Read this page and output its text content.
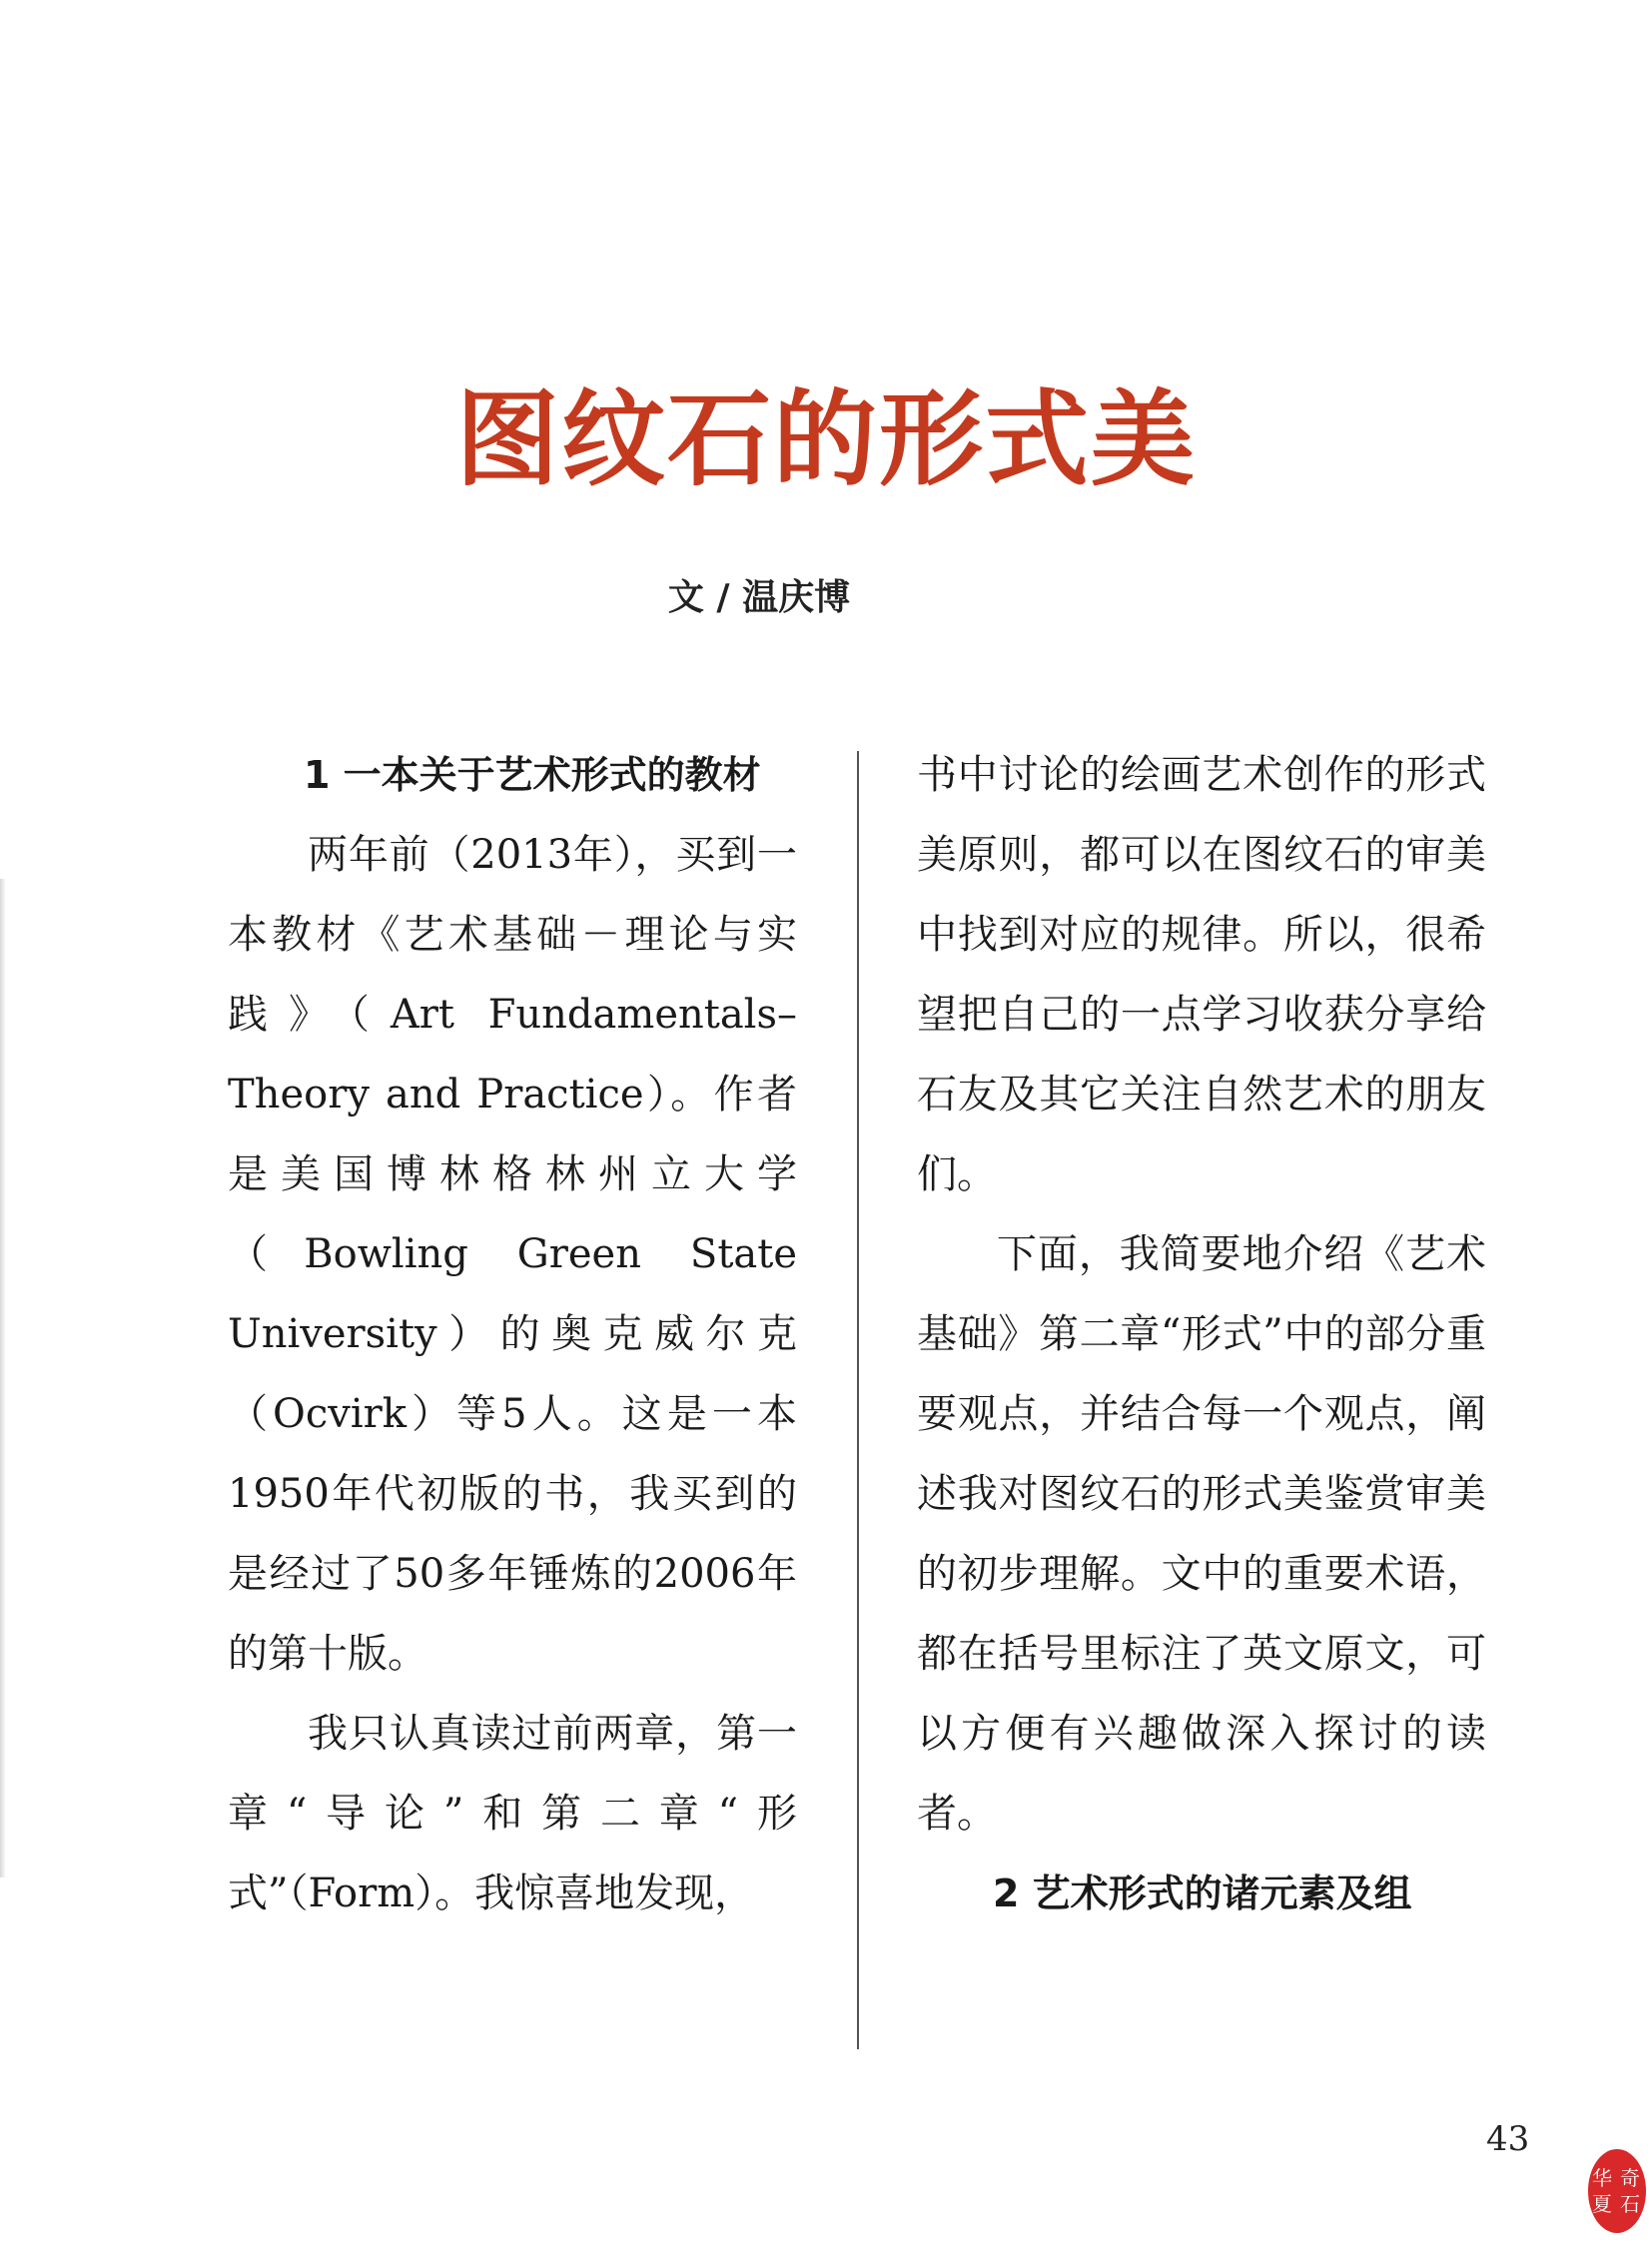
图纹石的形式美
文 / 温庆博
1 一本关于艺术形式的教材

两年前（2013年），买到一本教材《艺术基础－理论与实践》（Art Fundamentals–Theory and Practice）。作者是美国博林格林州立大学（Bowling Green State University）的奥克威尔克（Ocvirk）等5人。这是一本1950年代初版的书，我买到的是经过了50多年锤炼的2006年的第十版。

我只认真读过前两章，第一章“导论”和第二章“形式”（Form）。我惊喜地发现，

书中讨论的绘画艺术创作的形式美原则，都可以在图纹石的审美中找到对应的规律。所以，很希望把自己的一点学习收获分享给石友及其它关注自然艺术的朋友们。

下面，我简要地介绍《艺术基础》第二章“形式”中的部分重要观点，并结合每一个观点，阐述我对图纹石的形式美鉴赏审美的初步理解。文中的重要术语，都在括号里标注了英文原文，可以方便有兴趣做深入探讨的读者。

2 艺术形式的诸元素及组
43
华 奇
夏 石
